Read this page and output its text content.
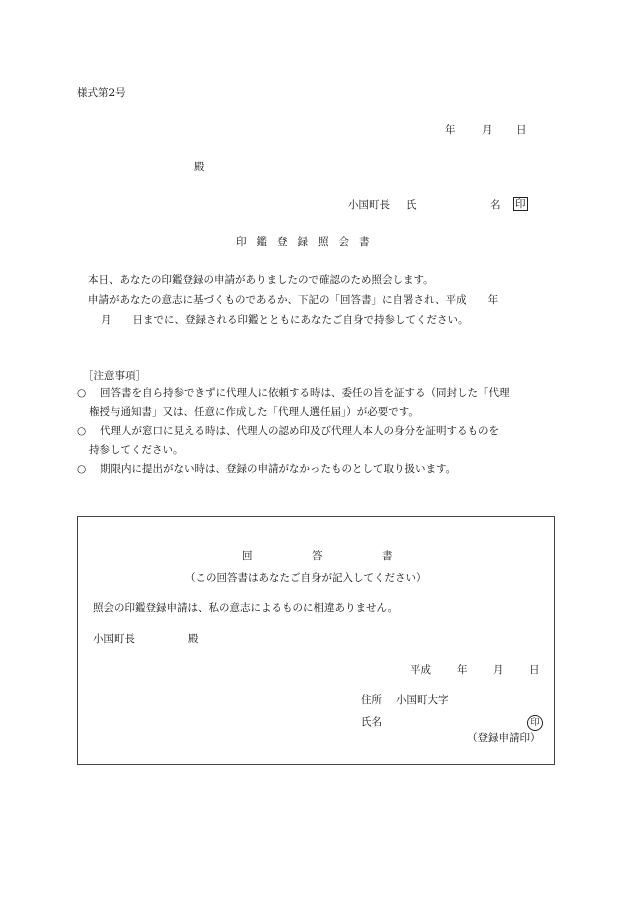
様式第2号
年	月 日
殿
小国町長 氏	名 印
印鑑登録照会書
本日、あなたの印鑑登録の申請がありましたので確認のため照会します。
申請があなたの意志に基づくものであるか、下記の「回答書」に自署され、平成　　年
月　　日までに、登録される印鑑とともにあなたご自身で持参してください。
［注意事項］
○ 回答書を自ら持参できずに代理人に依頼する時は、委任の旨を証する（同封した「代理
権授与通知書」又は、任意に作成した「代理人選任届」）が必要です。
○ 代理人が窓口に見える時は、代理人の認め印及び代理人本人の身分を証明するものを
持参してください。
○ 期限内に提出がない時は、登録の申請がなかったものとして取り扱います。
回	答	書
（この回答書はあなたご自身が記入してください）
照会の印鑑登録申請は、私の意志によるものに相違ありません。
小国町長	殿
平成 年 月 日
住所 小国町大字
氏名	印
（登録申請印）
